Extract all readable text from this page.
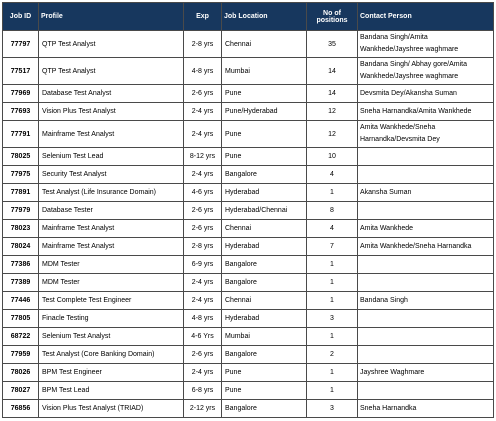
Job ID	Profile	Exp	Job Location	No of positions	Contact Person
77797	QTP Test Analyst	2-8 yrs	Chennai	35	Bandana Singh/Amita Wankhede/Jayshree waghmare
77517	QTP Test Analyst	4-8 yrs	Mumbai	14	Bandana Singh/ Abhay gore/Amita Wankhede/Jayshree waghmare
77969	Database Test Analyst	2-6 yrs	Pune	14	Devsmita Dey/Akansha Suman
77693	Vision Plus Test Analyst	2-4 yrs	Pune/Hyderabad	12	Sneha Harnandka/Amita Wankhede
77791	Mainframe Test Analyst	2-4 yrs	Pune	12	Amita Wankhede/Sneha Harnandka/Devsmita Dey
78025	Selenium Test Lead	8-12 yrs	Pune	10	
77975	Security Test Analyst	2-4 yrs	Bangalore	4	
77891	Test Analyst (Life Insurance Domain)	4-6 yrs	Hyderabad	1	Akansha Suman
77979	Database Tester	2-6 yrs	Hyderabad/Chennai	8	
78023	Mainframe Test Analyst	2-6 yrs	Chennai	4	Amita Wankhede
78024	Mainframe Test Analyst	2-8 yrs	Hyderabad	7	Amita Wankhede/Sneha Harnandka
77386	MDM Tester	6-9 yrs	Bangalore	1	
77389	MDM Tester	2-4 yrs	Bangalore	1	
77446	Test Complete Test Engineer	2-4 yrs	Chennai	1	Bandana Singh
77805	Finacle Testing	4-8 yrs	Hyderabad	3	
68722	Selenium Test Analyst	4-6 Yrs	Mumbai	1	
77959	Test Analyst (Core Banking Domain)	2-6 yrs	Bangalore	2	
78026	BPM Test Engineer	2-4 yrs	Pune	1	Jayshree Waghmare
78027	BPM Test Lead	6-8 yrs	Pune	1	
76856	Vision Plus Test Analyst (TRIAD)	2-12 yrs	Bangalore	3	Sneha Harnandka
